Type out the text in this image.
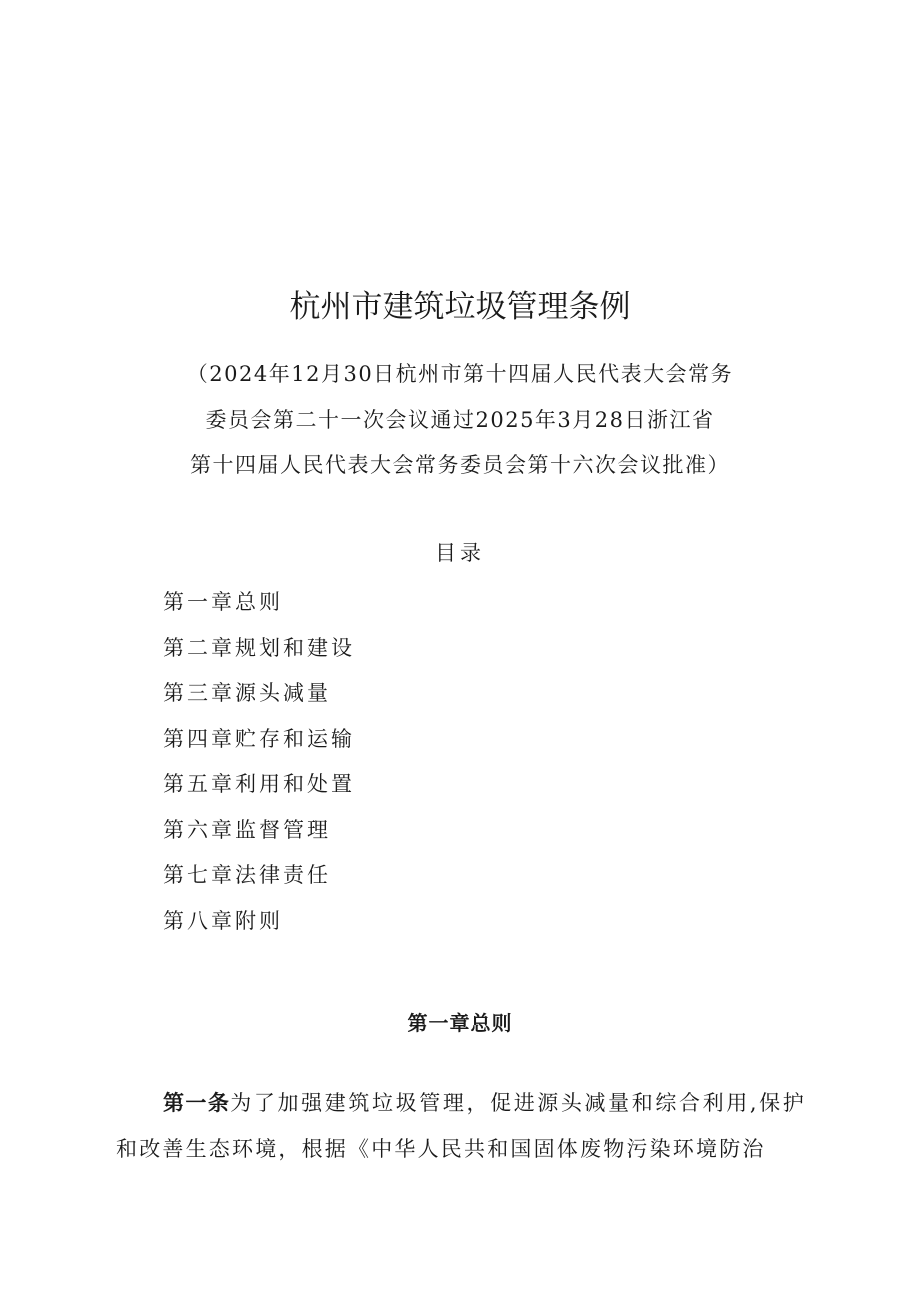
杭州市建筑垃圾管理条例
（2024年12月30日杭州市第十四届人民代表大会常务
委员会第二十一次会议通过2025年3月28日浙江省
第十四届人民代表大会常务委员会第十六次会议批准）
目录
第一章总则
第二章规划和建设
第三章源头减量
第四章贮存和运输
第五章利用和处置
第六章监督管理
第七章法律责任
第八章附则
第一章总则

第一条为了加强建筑垃圾管理，促进源头减量和综合利用,保护和改善生态环境，根据《中华人民共和国固体废物污染环境防治
